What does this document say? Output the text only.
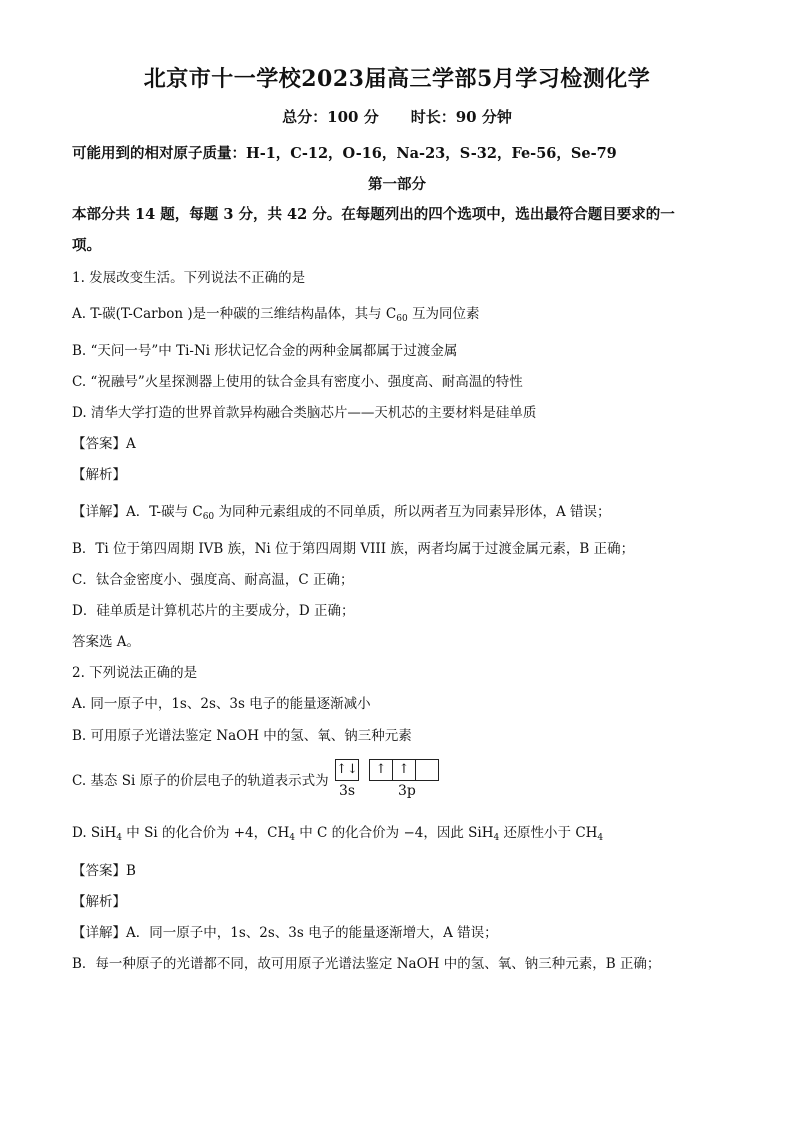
北京市十一学校2023届高三学部5月学习检测化学
总分：100 分 时长：90 分钟
可能用到的相对原子质量：H-1，C-12，O-16，Na-23，S-32，Fe-56，Se-79
第一部分
本部分共 14 题，每题 3 分，共 42 分。在每题列出的四个选项中，选出最符合题目要求的一
项。
1. 发展改变生活。下列说法不正确的是
A. T-碳(T-Carbon )是一种碳的三维结构晶体，其与 $C_{60}$ 互为同位素
B. “天问一号”中 Ti-Ni 形状记忆合金的两种金属都属于过渡金属
C. “祝融号”火星探测器上使用的钛合金具有密度小、强度高、耐高温的特性
D. 清华大学打造的世界首款异构融合类脑芯片——天机芯的主要材料是硅单质
【答案】A
【解析】
【详解】A．T-碳与 $C_{60}$ 为同种元素组成的不同单质，所以两者互为同素异形体，A 错误；
B．Ti 位于第四周期 IVB 族，Ni 位于第四周期 VIII 族，两者均属于过渡金属元素，B 正确；
C．钛合金密度小、强度高、耐高温，C 正确；
D．硅单质是计算机芯片的主要成分，D 正确；
答案选 A。
2. 下列说法正确的是
A. 同一原子中，1s、2s、3s 电子的能量逐渐减小
B. 可用原子光谱法鉴定 NaOH 中的氢、氧、钠三种元素
C. 基态 Si 原子的价层电子的轨道表示式为
↑↓	↑ ↑
3s	3p
D. SiH$_4$ 中 Si 的化合价为 +4，$CH_4$ 中 C 的化合价为 −4，因此 SiH$_4$ 还原性小于 $CH_4$
【答案】B
【解析】
【详解】A．同一原子中，1s、2s、3s 电子的能量逐渐增大，A 错误；
B．每一种原子的光谱都不同，故可用原子光谱法鉴定 NaOH 中的氢、氧、钠三种元素，B 正确；
